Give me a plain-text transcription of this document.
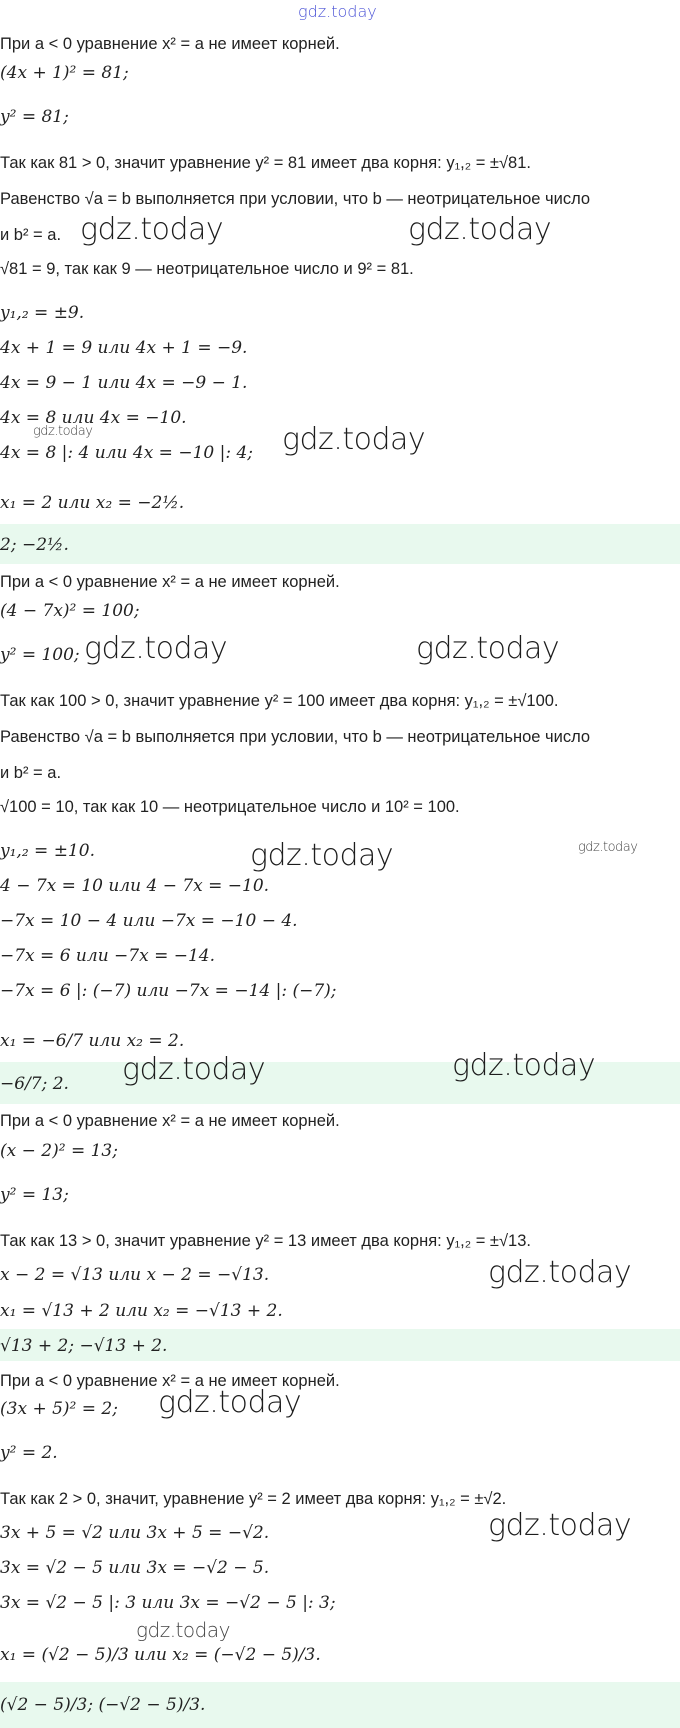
gdz.today
При a < 0 уравнение x² = a не имеет корней.
(4x + 1)² = 81;
y² = 81;
Так как 81 > 0, значит уравнение y² = 81 имеет два корня: y₁,₂ = ±√81.
Равенство √a = b выполняется при условии, что b — неотрицательное число
и b² = a.
√81 = 9, так как 9 — неотрицательное число и 9² = 81.
y₁,₂ = ±9.
4x + 1 = 9 или 4x + 1 = −9.
4x = 9 − 1 или 4x = −9 − 1.
4x = 8 или 4x = −10.
4x = 8 |: 4 или 4x = −10 |: 4;
x₁ = 2 или x₂ = −2½.
2; −2½.
При a < 0 уравнение x² = a не имеет корней.
(4 − 7x)² = 100;
y² = 100;
Так как 100 > 0, значит уравнение y² = 100 имеет два корня: y₁,₂ = ±√100.
Равенство √a = b выполняется при условии, что b — неотрицательное число
и b² = a.
√100 = 10, так как 10 — неотрицательное число и 10² = 100.
y₁,₂ = ±10.
4 − 7x = 10 или 4 − 7x = −10.
−7x = 10 − 4 или −7x = −10 − 4.
−7x = 6 или −7x = −14.
−7x = 6 |: (−7) или −7x = −14 |: (−7);
x₁ = −6/7 или x₂ = 2.
−6/7; 2.
При a < 0 уравнение x² = a не имеет корней.
(x − 2)² = 13;
y² = 13;
Так как 13 > 0, значит уравнение y² = 13 имеет два корня: y₁,₂ = ±√13.
x − 2 = √13 или x − 2 = −√13.
x₁ = √13 + 2 или x₂ = −√13 + 2.
√13 + 2; −√13 + 2.
При a < 0 уравнение x² = a не имеет корней.
(3x + 5)² = 2;
y² = 2.
Так как 2 > 0, значит, уравнение y² = 2 имеет два корня: y₁,₂ = ±√2.
3x + 5 = √2 или 3x + 5 = −√2.
3x = √2 − 5 или 3x = −√2 − 5.
3x = √2 − 5 |: 3 или 3x = −√2 − 5 |: 3;
x₁ = (√2 − 5)/3 или x₂ = (−√2 − 5)/3.
(√2 − 5)/3; (−√2 − 5)/3.
gdz.today	gdz.today
gdz.today	gdz.today
gdz.today	gdz.today
gdz.today	gdz.today
gdz.today	gdz.today
gdz.today
gdz.today
gdz.today
gdz.today
